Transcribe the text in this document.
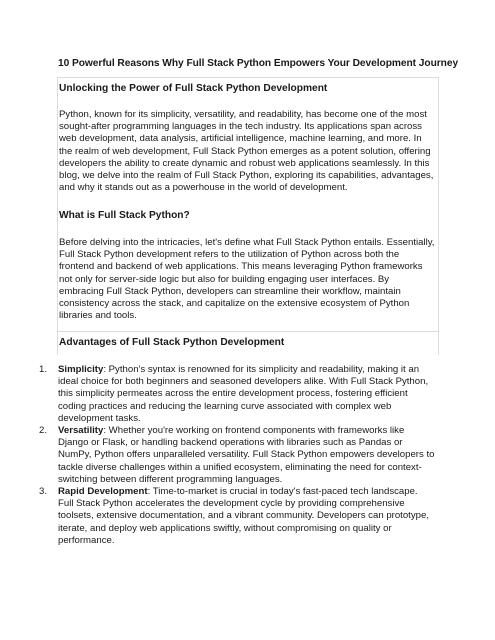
10 Powerful Reasons Why Full Stack Python Empowers Your Development Journey
Unlocking the Power of Full Stack Python Development
Python, known for its simplicity, versatility, and readability, has become one of the most
sought-after programming languages in the tech industry. Its applications span across
web development, data analysis, artificial intelligence, machine learning, and more. In
the realm of web development, Full Stack Python emerges as a potent solution, offering
developers the ability to create dynamic and robust web applications seamlessly. In this
blog, we delve into the realm of Full Stack Python, exploring its capabilities, advantages,
and why it stands out as a powerhouse in the world of development.
What is Full Stack Python?
Before delving into the intricacies, let's define what Full Stack Python entails. Essentially,
Full Stack Python development refers to the utilization of Python across both the
frontend and backend of web applications. This means leveraging Python frameworks
not only for server-side logic but also for building engaging user interfaces. By
embracing Full Stack Python, developers can streamline their workflow, maintain
consistency across the stack, and capitalize on the extensive ecosystem of Python
libraries and tools.
Advantages of Full Stack Python Development
1.	Simplicity: Python's syntax is renowned for its simplicity and readability, making it an
ideal choice for both beginners and seasoned developers alike. With Full Stack Python,
this simplicity permeates across the entire development process, fostering efficient
coding practices and reducing the learning curve associated with complex web
development tasks.
2.	Versatility: Whether you're working on frontend components with frameworks like
Django or Flask, or handling backend operations with libraries such as Pandas or
NumPy, Python offers unparalleled versatility. Full Stack Python empowers developers to
tackle diverse challenges within a unified ecosystem, eliminating the need for context-
switching between different programming languages.
3.	Rapid Development: Time-to-market is crucial in today's fast-paced tech landscape.
Full Stack Python accelerates the development cycle by providing comprehensive
toolsets, extensive documentation, and a vibrant community. Developers can prototype,
iterate, and deploy web applications swiftly, without compromising on quality or
performance.
